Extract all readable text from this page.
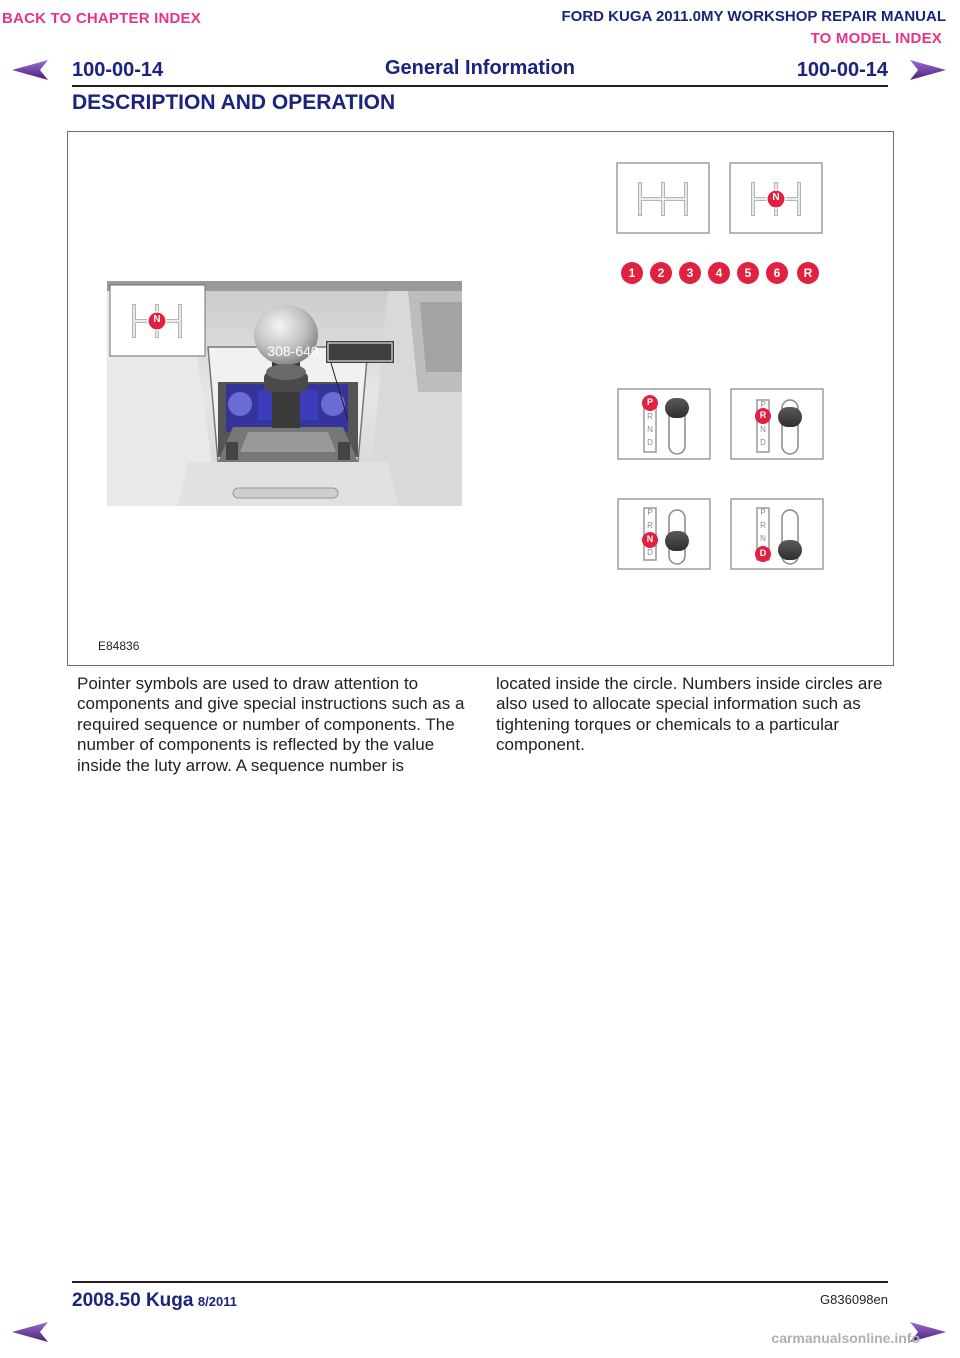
BACK TO CHAPTER INDEX	FORD KUGA 2011.0MY WORKSHOP REPAIR MANUAL
TO MODEL INDEX
100-00-14	General Information	100-00-14
DESCRIPTION AND OPERATION
308-640
N
N
1	2	3	4	5	6	R
P
R
N
D
P
R
N
D
P
R
N
D
P
R
N
D
E84836
Pointer symbols are used to draw attention to components and give special instructions such as a required sequence or number of components. The number of components is reflected by the value inside the luty arrow. A sequence number is
located inside the circle. Numbers inside circles are also used to allocate special information such as tightening torques or chemicals to a particular component.
2008.50 Kuga 8/2011	G836098en
carmanualsonline.info
